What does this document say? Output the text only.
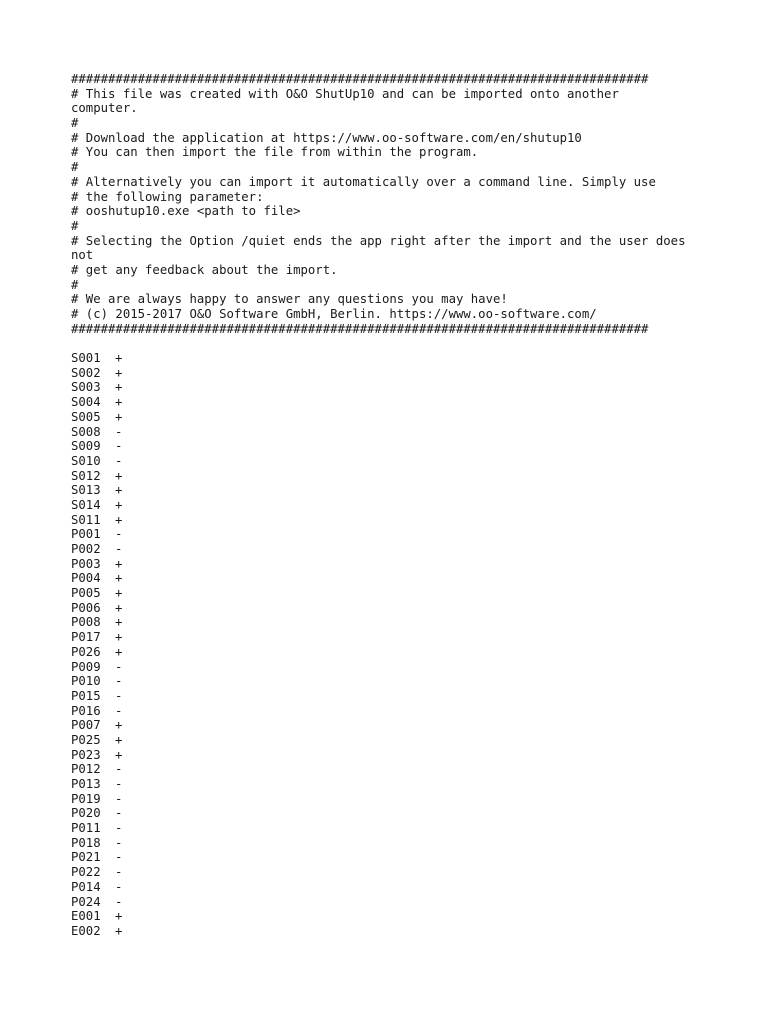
##############################################################################
# This file was created with O&O ShutUp10 and can be imported onto another
computer.
#
# Download the application at https://www.oo-software.com/en/shutup10
# You can then import the file from within the program.
#
# Alternatively you can import it automatically over a command line. Simply use
# the following parameter:
# ooshutup10.exe <path to file>
#
# Selecting the Option /quiet ends the app right after the import and the user does
not
# get any feedback about the import.
#
# We are always happy to answer any questions you may have!
# (c) 2015-2017 O&O Software GmbH, Berlin. https://www.oo-software.com/
##############################################################################
S001	+
S002	+
S003	+
S004	+
S005	+
S008	-
S009	-
S010	-
S012	+
S013	+
S014	+
S011	+
P001	-
P002	-
P003	+
P004	+
P005	+
P006	+
P008	+
P017	+
P026	+
P009	-
P010	-
P015	-
P016	-
P007	+
P025	+
P023	+
P012	-
P013	-
P019	-
P020	-
P011	-
P018	-
P021	-
P022	-
P014	-
P024	-
E001	+
E002	+
